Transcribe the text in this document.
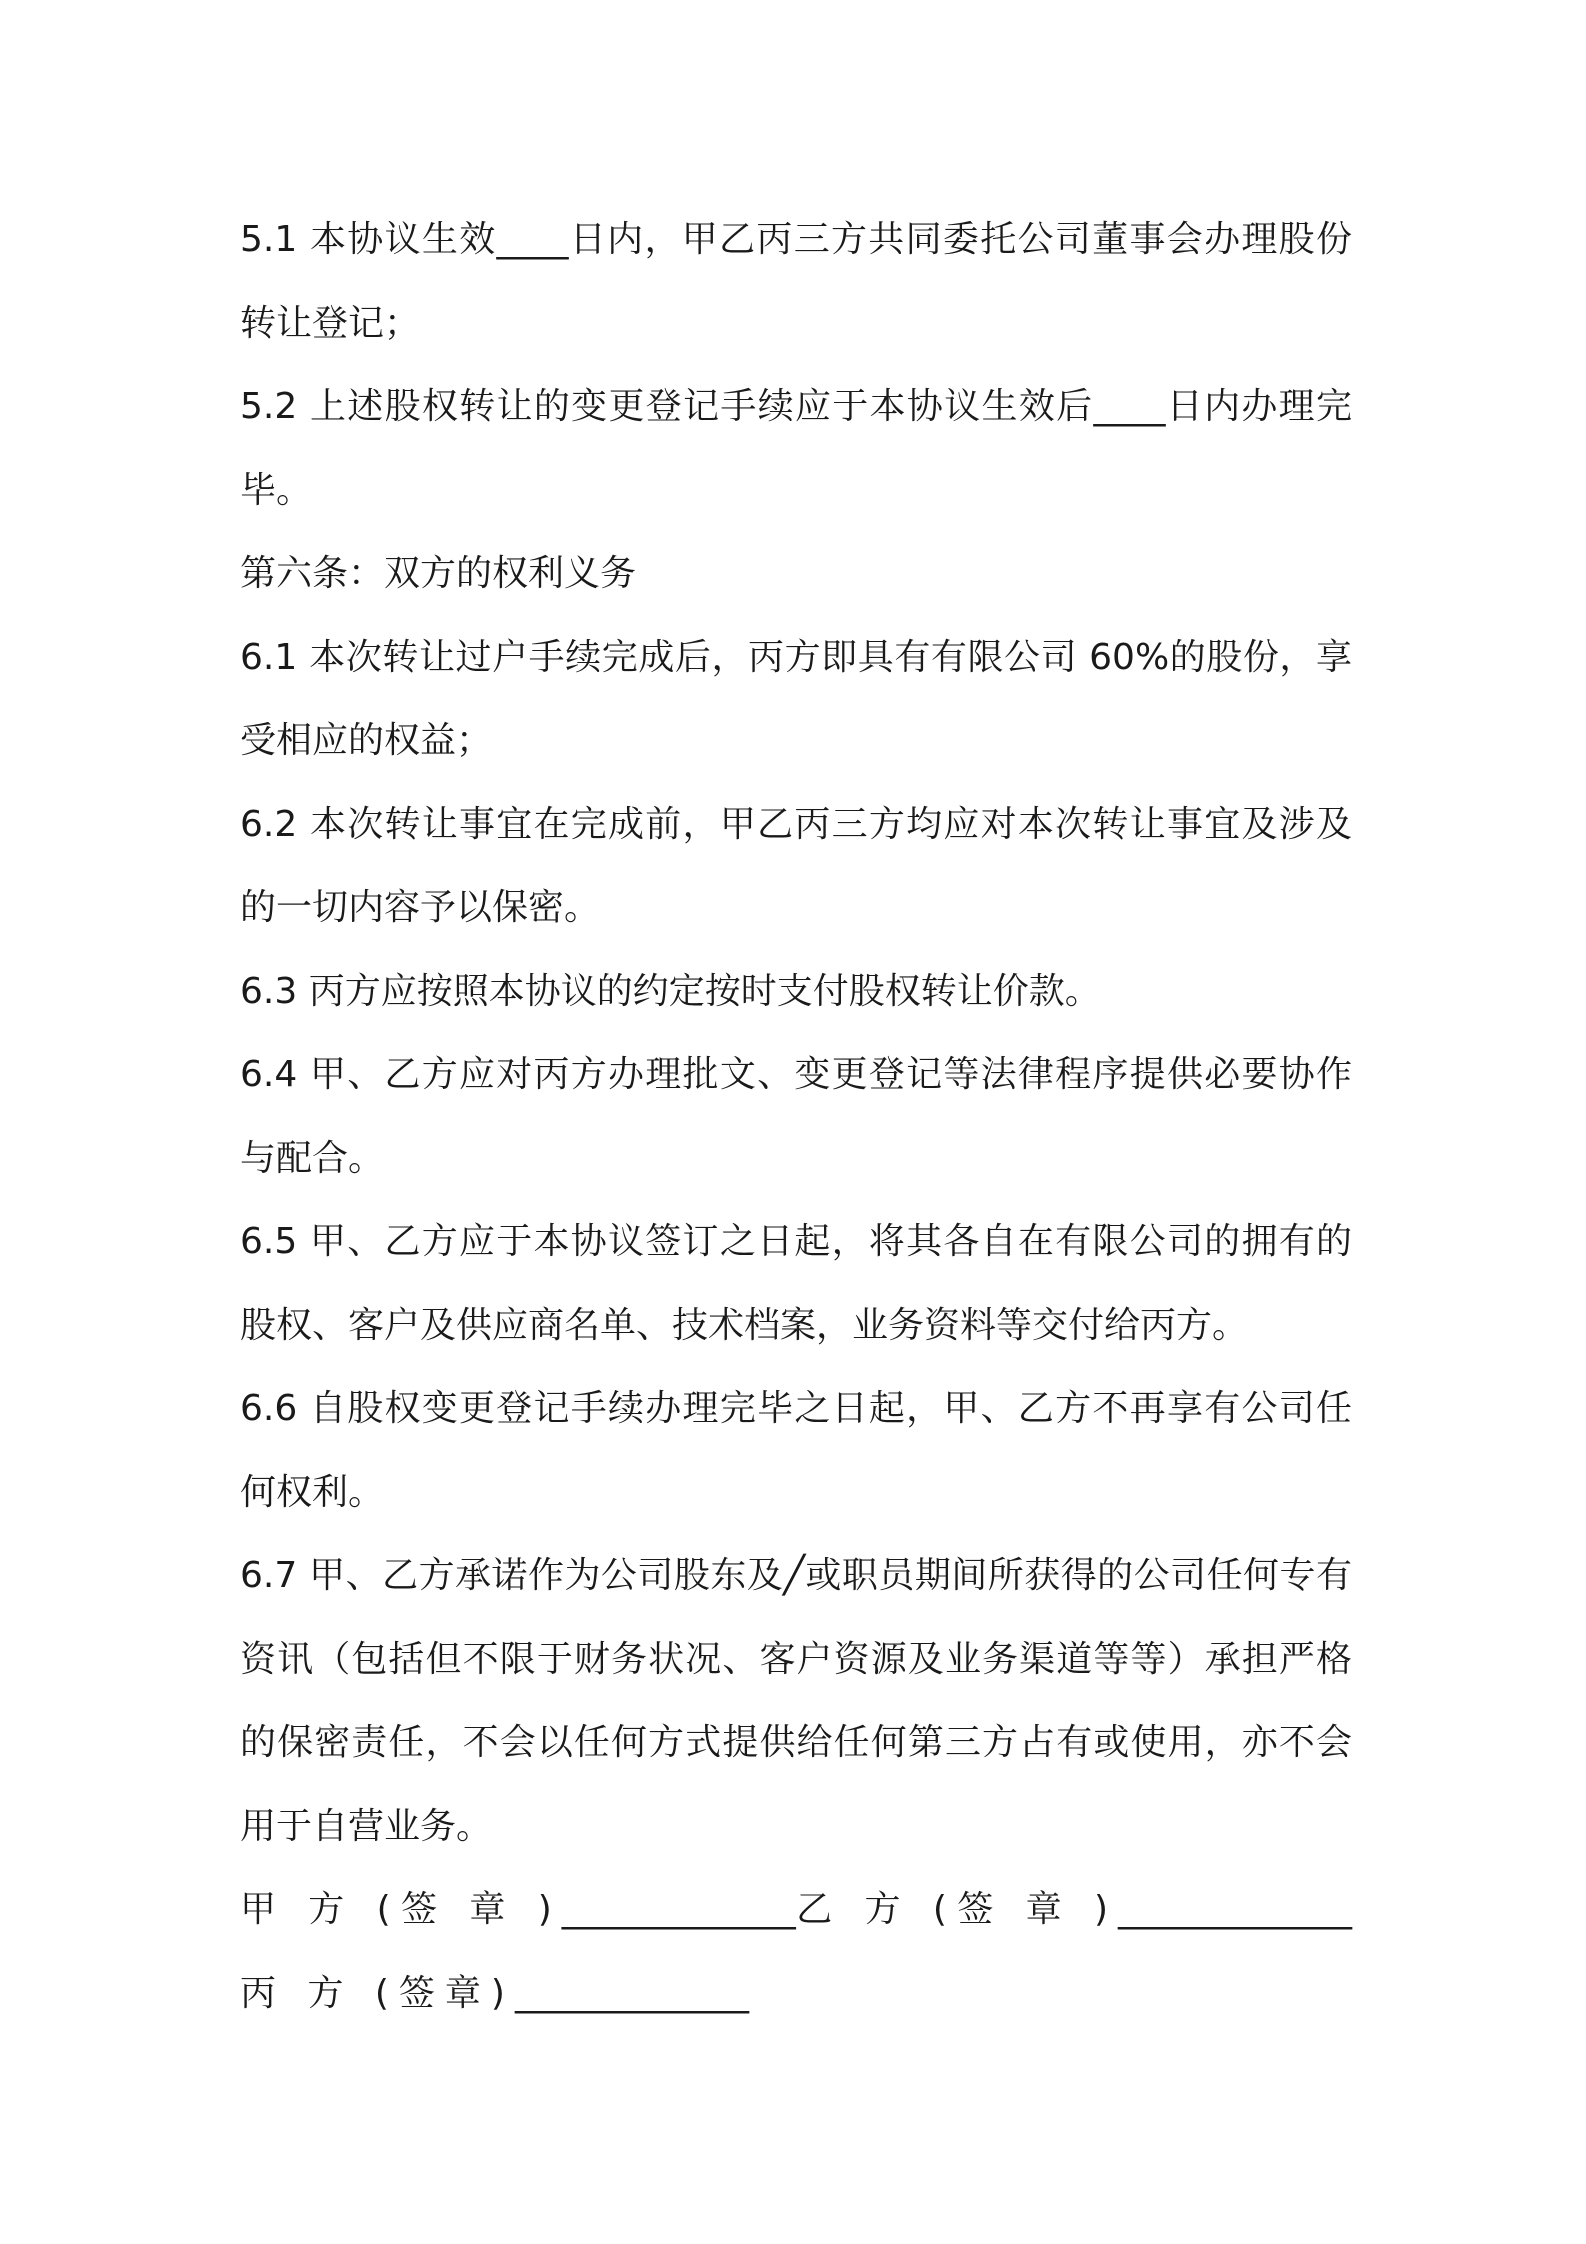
5.1 本协议生效____日内，甲乙丙三方共同委托公司董事会办理股份转让登记；

5.2 上述股权转让的变更登记手续应于本协议生效后____日内办理完毕。

第六条：双方的权利义务

6.1 本次转让过户手续完成后，丙方即具有有限公司 60%的股份，享受相应的权益；

6.2 本次转让事宜在完成前，甲乙丙三方均应对本次转让事宜及涉及的一切内容予以保密。

6.3 丙方应按照本协议的约定按时支付股权转让价款。

6.4 甲、乙方应对丙方办理批文、变更登记等法律程序提供必要协作与配合。

6.5 甲、乙方应于本协议签订之日起，将其各自在有限公司的拥有的股权、客户及供应商名单、技术档案，业务资料等交付给丙方。

6.6 自股权变更登记手续办理完毕之日起，甲、乙方不再享有公司任何权利。

6.7 甲、乙方承诺作为公司股东及╱或职员期间所获得的公司任何专有资讯（包括但不限于财务状况、客户资源及业务渠道等等）承担严格的保密责任，不会以任何方式提供给任何第三方占有或使用，亦不会用于自营业务。

甲 方 (签 章 )_____________乙 方 (签 章 )_____________丙 方 (签章)_____________
